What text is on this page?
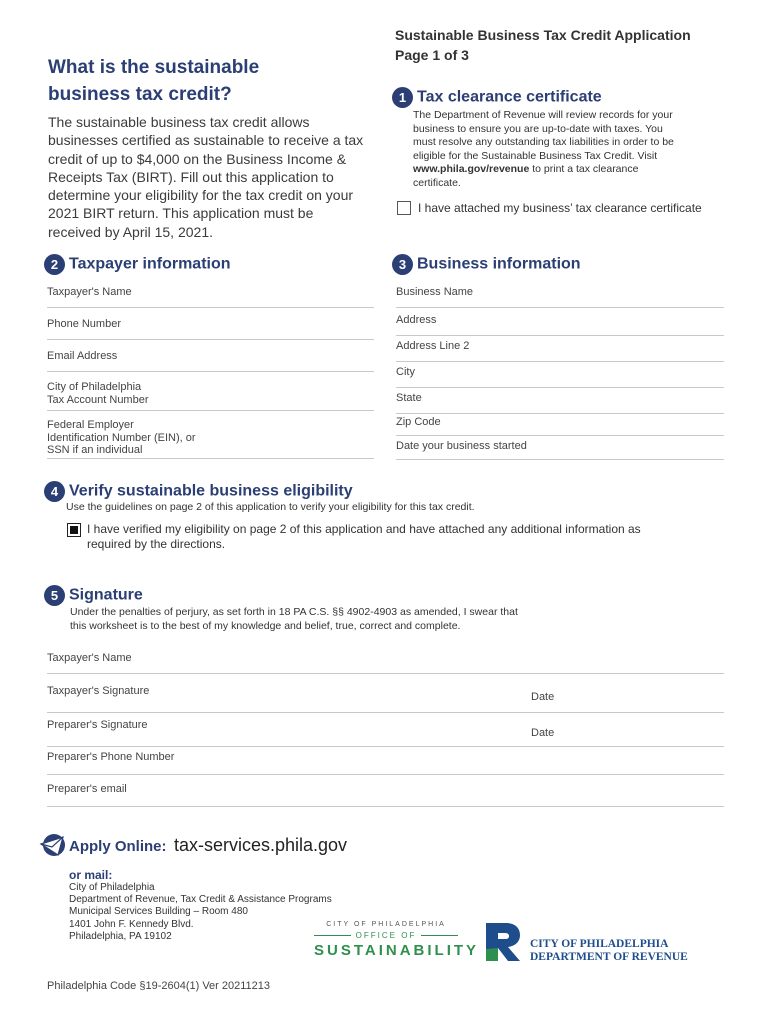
Sustainable Business Tax Credit Application
Page 1 of 3
What is the sustainable
business tax credit?
The sustainable business tax credit allows
businesses certified as sustainable to receive a tax
credit of up to $4,000 on the Business Income &
Receipts Tax (BIRT). Fill out this application to
determine your eligibility for the tax credit on your
2021 BIRT return. This application must be
received by April 15, 2021.
1 Tax clearance certificate
The Department of Revenue will review records for your
business to ensure you are up-to-date with taxes. You
must resolve any outstanding tax liabilities in order to be
eligible for the Sustainable Business Tax Credit. Visit
www.phila.gov/revenue to print a tax clearance
certificate.
I have attached my business’ tax clearance certificate
2 Taxpayer information
Taxpayer's Name
Phone Number
Email Address
City of Philadelphia
Tax Account Number
Federal Employer
Identification Number (EIN), or
SSN if an individual
3 Business information
Business Name
Address
Address Line 2
City
State
Zip Code
Date your business started
4 Verify sustainable business eligibility
Use the guidelines on page 2 of this application to verify your eligibility for this tax credit.
I have verified my eligibility on page 2 of this application and have attached any additional information as
required by the directions.
5 Signature
Under the penalties of perjury, as set forth in 18 PA C.S. §§ 4902-4903 as amended, I swear that
this worksheet is to the best of my knowledge and belief, true, correct and complete.
Taxpayer's Name
Taxpayer's Signature	Date
Preparer's Signature
Date
Preparer's Phone Number
Preparer's email
Apply Online: tax-services.phila.gov
or mail:
City of Philadelphia
Department of Revenue, Tax Credit & Assistance Programs
Municipal Services Building – Room 480
1401 John F. Kennedy Blvd.
Philadelphia, PA 19102
CITY OF PHILADELPHIA
OFFICE OF
SUSTAINABILITY	CITY OF PHILADELPHIA
DEPARTMENT OF REVENUE
Philadelphia Code §19-2604(1) Ver 20211213
